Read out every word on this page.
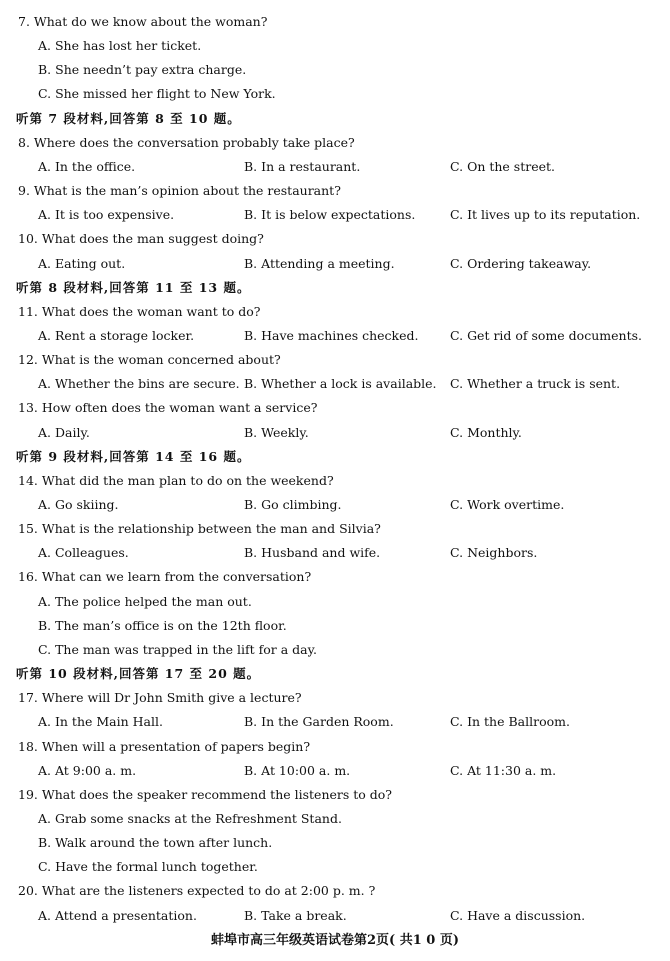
7. What do we know about the woman?
A. She has lost her ticket.
B. She needn’t pay extra charge.
C. She missed her flight to New York.
听第 7 段材料,回答第 8 至 10 题。
8. Where does the conversation probably take place?
A. In the office.	B. In a restaurant.	C. On the street.
9. What is the man’s opinion about the restaurant?
A. It is too expensive.	B. It is below expectations.	C. It lives up to its reputation.
10. What does the man suggest doing?
A. Eating out.	B. Attending a meeting.	C. Ordering takeaway.
听第 8 段材料,回答第 11 至 13 题。
11. What does the woman want to do?
A. Rent a storage locker.	B. Have machines checked.	C. Get rid of some documents.
12. What is the woman concerned about?
A. Whether the bins are secure. B. Whether a lock is available. C. Whether a truck is sent.
13. How often does the woman want a service?
A. Daily.	B. Weekly.	C. Monthly.
听第 9 段材料,回答第 14 至 16 题。
14. What did the man plan to do on the weekend?
A. Go skiing.	B. Go climbing.	C. Work overtime.
15. What is the relationship between the man and Silvia?
A. Colleagues.	B. Husband and wife.	C. Neighbors.
16. What can we learn from the conversation?
A. The police helped the man out.
B. The man’s office is on the 12th floor.
C. The man was trapped in the lift for a day.
听第 10 段材料,回答第 17 至 20 题。
17. Where will Dr John Smith give a lecture?
A. In the Main Hall.	B. In the Garden Room.	C. In the Ballroom.
18. When will a presentation of papers begin?
A. At 9:00 a. m.	B. At 10:00 a. m.	C. At 11:30 a. m.
19. What does the speaker recommend the listeners to do?
A. Grab some snacks at the Refreshment Stand.
B. Walk around the town after lunch.
C. Have the formal lunch together.
20. What are the listeners expected to do at 2:00 p. m. ?
A. Attend a presentation.	B. Take a break.	C. Have a discussion.
蚌埠市高三年级英语试卷第2页( 共1 0 页)
